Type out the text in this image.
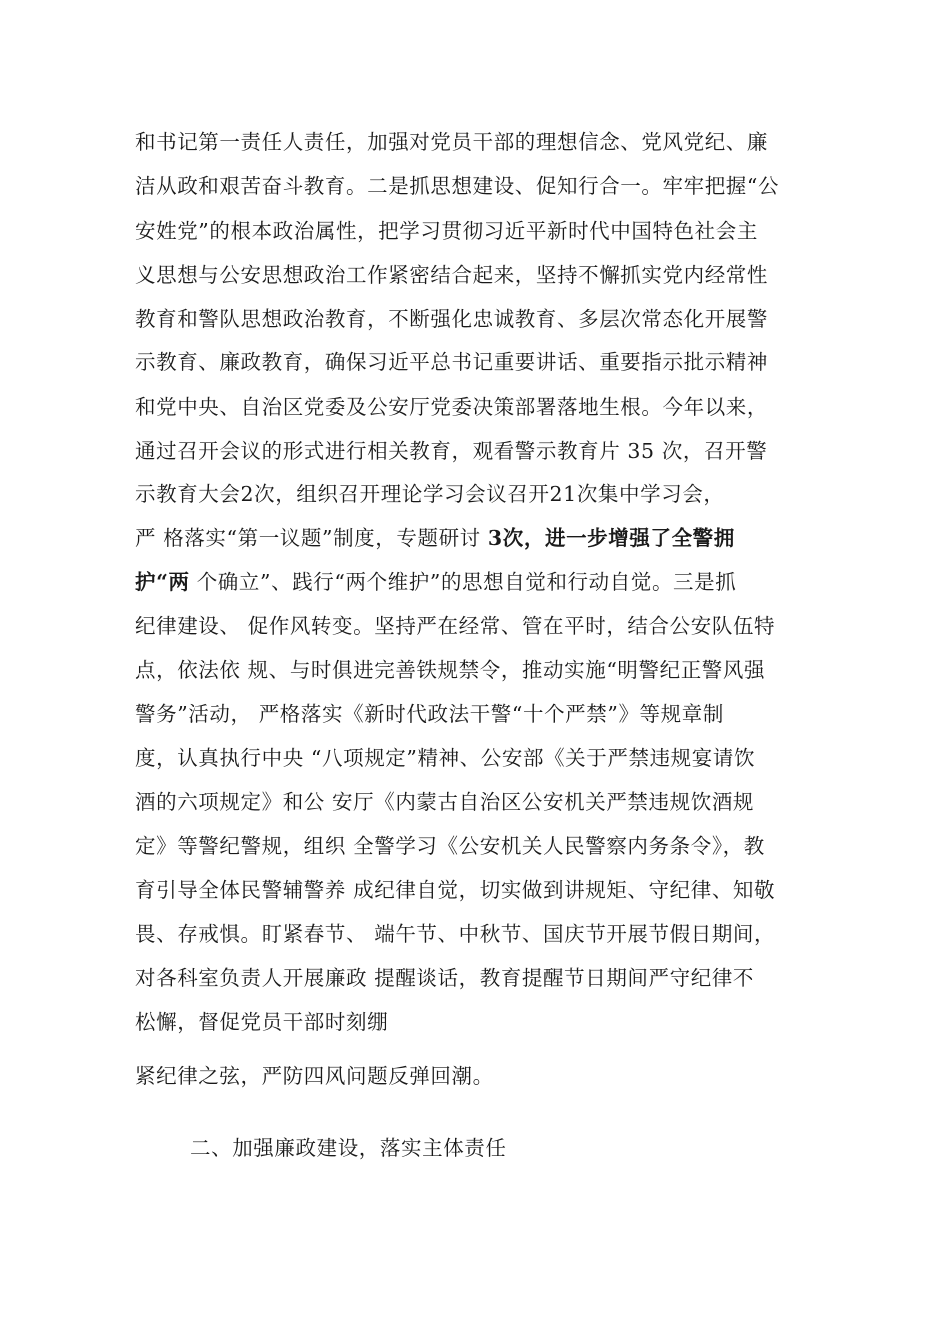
和书记第一责任人责任，加强对党员干部的理想信念、党风党纪、廉
洁从政和艰苦奋斗教育。二是抓思想建设、促知行合一。牢牢把握“公
安姓党”的根本政治属性，把学习贯彻习近平新时代中国特色社会主
义思想与公安思想政治工作紧密结合起来，坚持不懈抓实党内经常性
教育和警队思想政治教育，不断强化忠诚教育、多层次常态化开展警
示教育、廉政教育，确保习近平总书记重要讲话、重要指示批示精神
和党中央、自治区党委及公安厅党委决策部署落地生根。今年以来，
通过召开会议的形式进行相关教育，观看警示教育片 35 次，召开警
示教育大会2次，组织召开理论学习会议召开21次集中学习会，
严 格落实“第一议题”制度，专题研讨 3次，进一步增强了全警拥
护“两 个确立”、践行“两个维护”的思想自觉和行动自觉。三是抓
纪律建设、 促作风转变。坚持严在经常、管在平时，结合公安队伍特
点，依法依 规、与时俱进完善铁规禁令，推动实施“明警纪正警风强
警务”活动， 严格落实《新时代政法干警“十个严禁”》等规章制
度，认真执行中央 “八项规定”精神、公安部《关于严禁违规宴请饮
酒的六项规定》和公 安厅《内蒙古自治区公安机关严禁违规饮酒规
定》等警纪警规，组织 全警学习《公安机关人民警察内务条令》，教
育引导全体民警辅警养 成纪律自觉，切实做到讲规矩、守纪律、知敬
畏、存戒惧。盯紧春节、 端午节、中秋节、国庆节开展节假日期间，
对各科室负责人开展廉政 提醒谈话，教育提醒节日期间严守纪律不
松懈，督促党员干部时刻绷
紧纪律之弦，严防四风问题反弹回潮。
二、加强廉政建设，落实主体责任
